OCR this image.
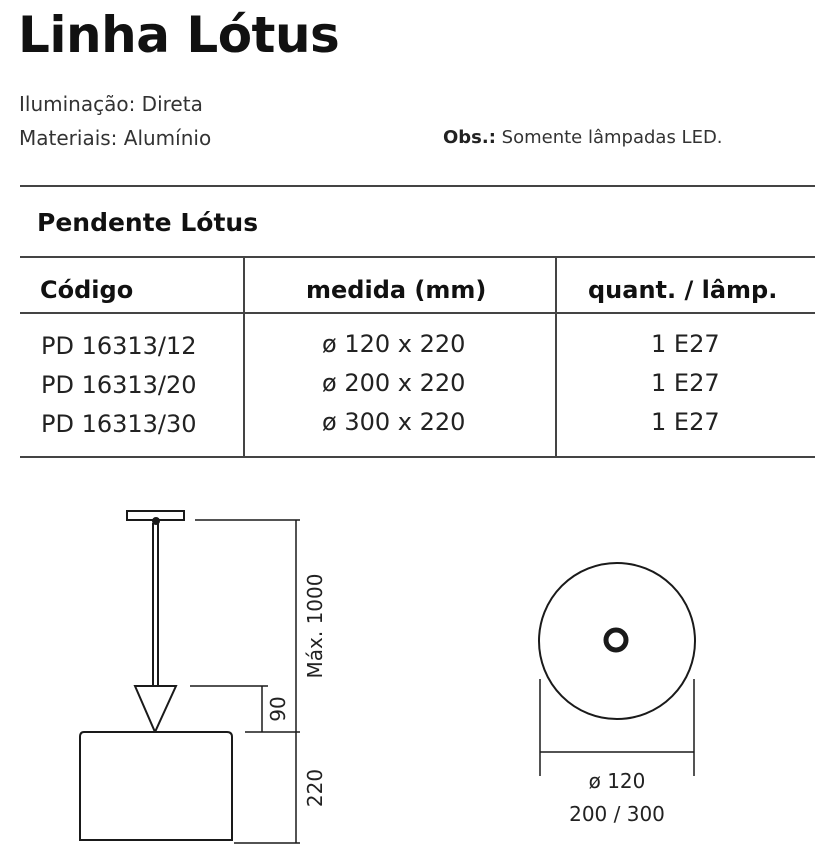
Linha Lótus
Iluminação: Direta
Materiais: Alumínio	Obs.: Somente lâmpadas LED.
Pendente Lótus
Código	medida (mm)	quant. / lâmp.
PD 16313/12	ø 120 x 220	1 E27
PD 16313/20	ø 200 x 220	1 E27
PD 16313/30	ø 300 x 220	1 E27
Máx. 1000
90
220	ø 120
200 / 300
